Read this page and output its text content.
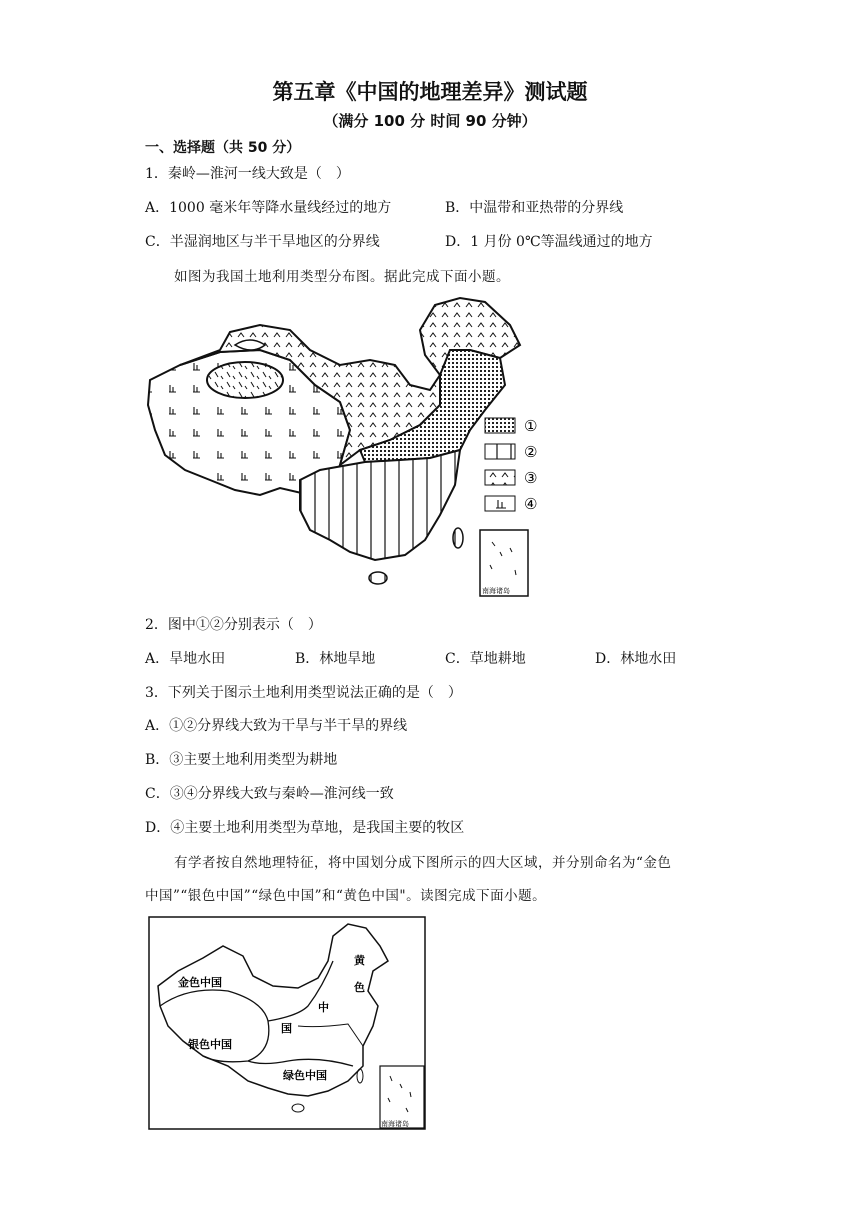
第五章《中国的地理差异》测试题
（满分 100 分 时间 90 分钟）
一、选择题（共 50 分）
1．秦岭—淮河一线大致是（　）
A．1000 毫米年等降水量线经过的地方	B．中温带和亚热带的分界线
C．半湿润地区与半干旱地区的分界线	D．1 月份 0℃等温线通过的地方
如图为我国土地利用类型分布图。据此完成下面小题。
①
②
③
④
南海诸岛
2．图中①②分别表示（　）
A．旱地水田	B．林地旱地	C．草地耕地	D．林地水田
3．下列关于图示土地利用类型说法正确的是（　）
A．①②分界线大致为干旱与半干旱的界线
B．③主要土地利用类型为耕地
C．③④分界线大致与秦岭—淮河线一致
D．④主要土地利用类型为草地，是我国主要的牧区
有学者按自然地理特征，将中国划分成下图所示的四大区域，并分别命名为“金色
中国”“银色中国”“绿色中国”和“黄色中国"。读图完成下面小题。
金色中国
银色中国
绿色中国
黄
色
中
国
南海诸岛
